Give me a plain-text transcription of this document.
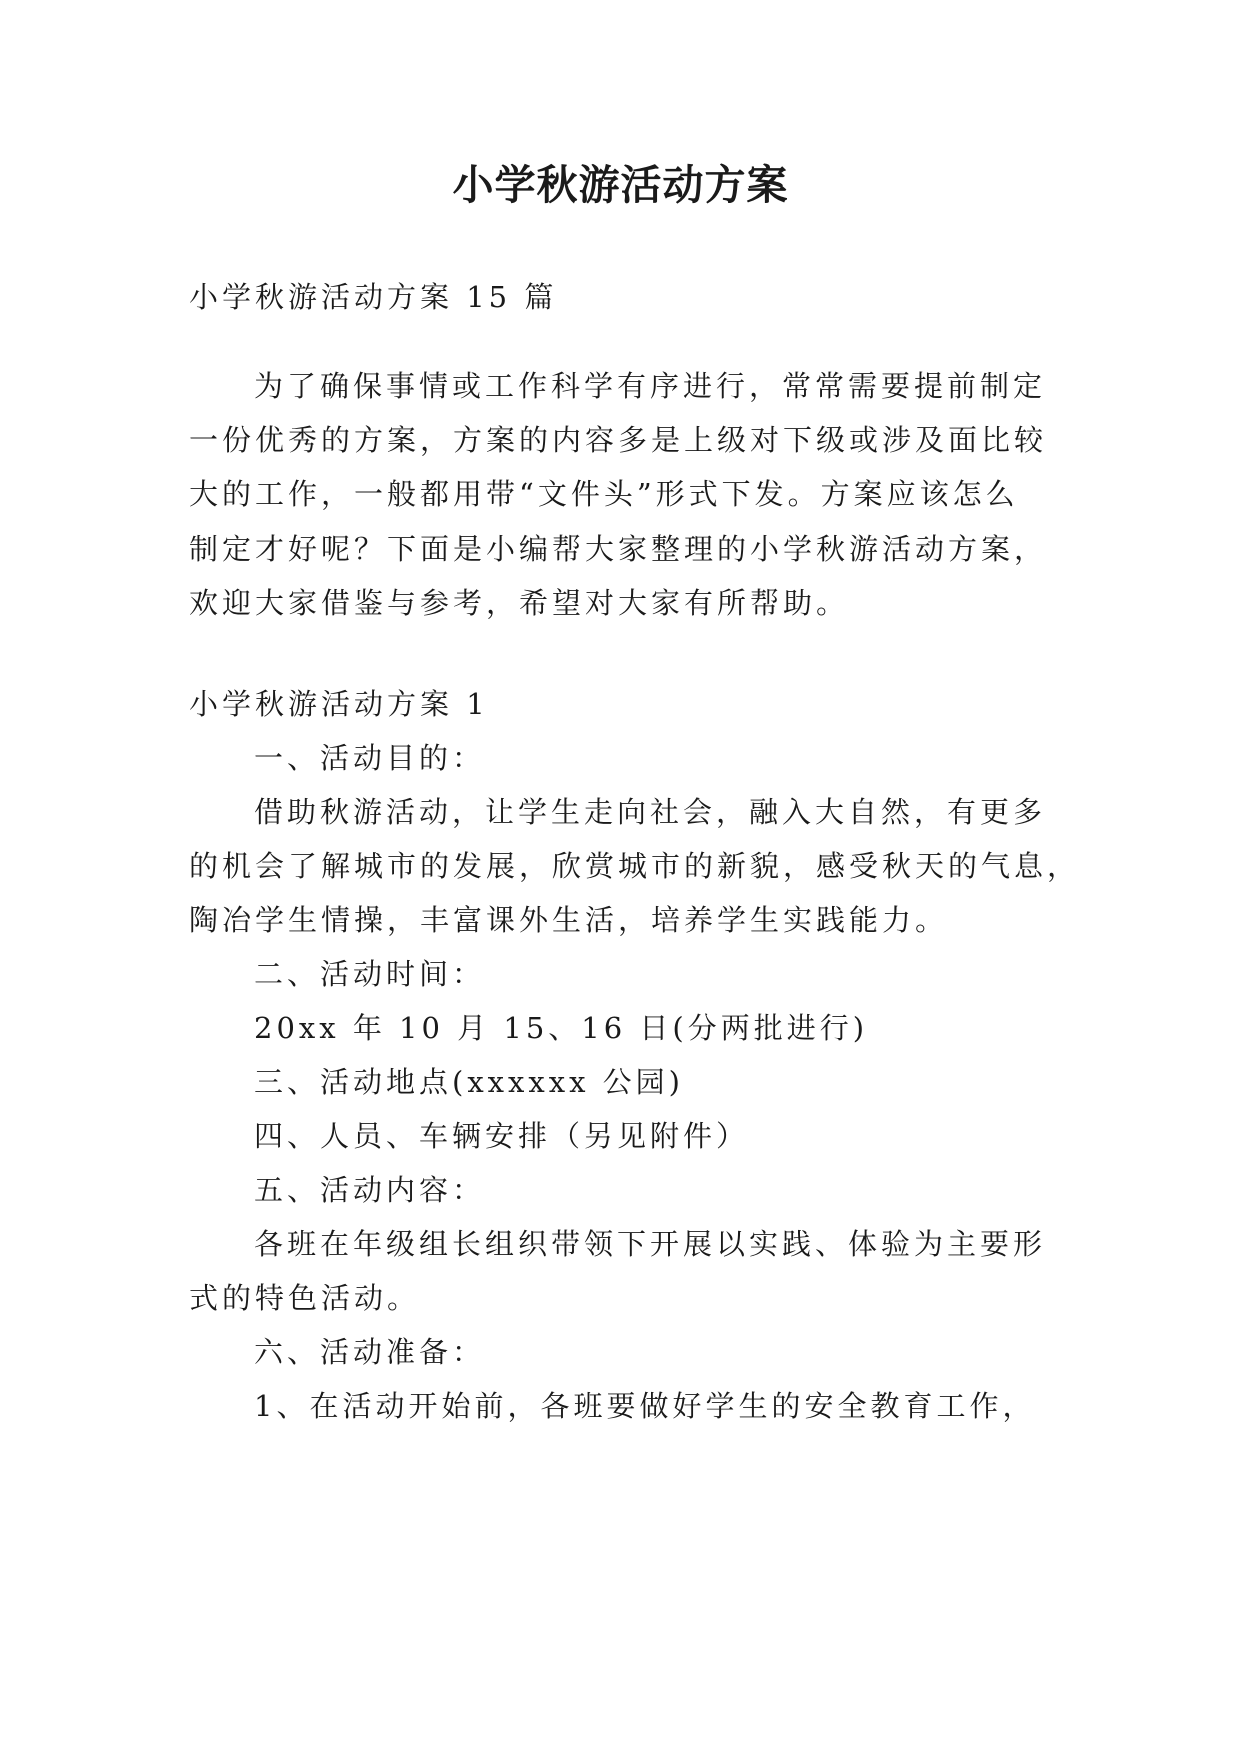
小学秋游活动方案
小学秋游活动方案 15 篇
为了确保事情或工作科学有序进行，常常需要提前制定
一份优秀的方案，方案的内容多是上级对下级或涉及面比较
大的工作，一般都用带“文件头”形式下发。方案应该怎么
制定才好呢？下面是小编帮大家整理的小学秋游活动方案，
欢迎大家借鉴与参考，希望对大家有所帮助。
小学秋游活动方案 1
一、活动目的：
借助秋游活动，让学生走向社会，融入大自然，有更多
的机会了解城市的发展，欣赏城市的新貌，感受秋天的气息，
陶冶学生情操，丰富课外生活，培养学生实践能力。
二、活动时间：
20xx 年 10 月 15、16 日(分两批进行)
三、活动地点(xxxxxx 公园)
四、人员、车辆安排（另见附件）
五、活动内容：
各班在年级组长组织带领下开展以实践、体验为主要形
式的特色活动。
六、活动准备：
1、在活动开始前，各班要做好学生的安全教育工作，
